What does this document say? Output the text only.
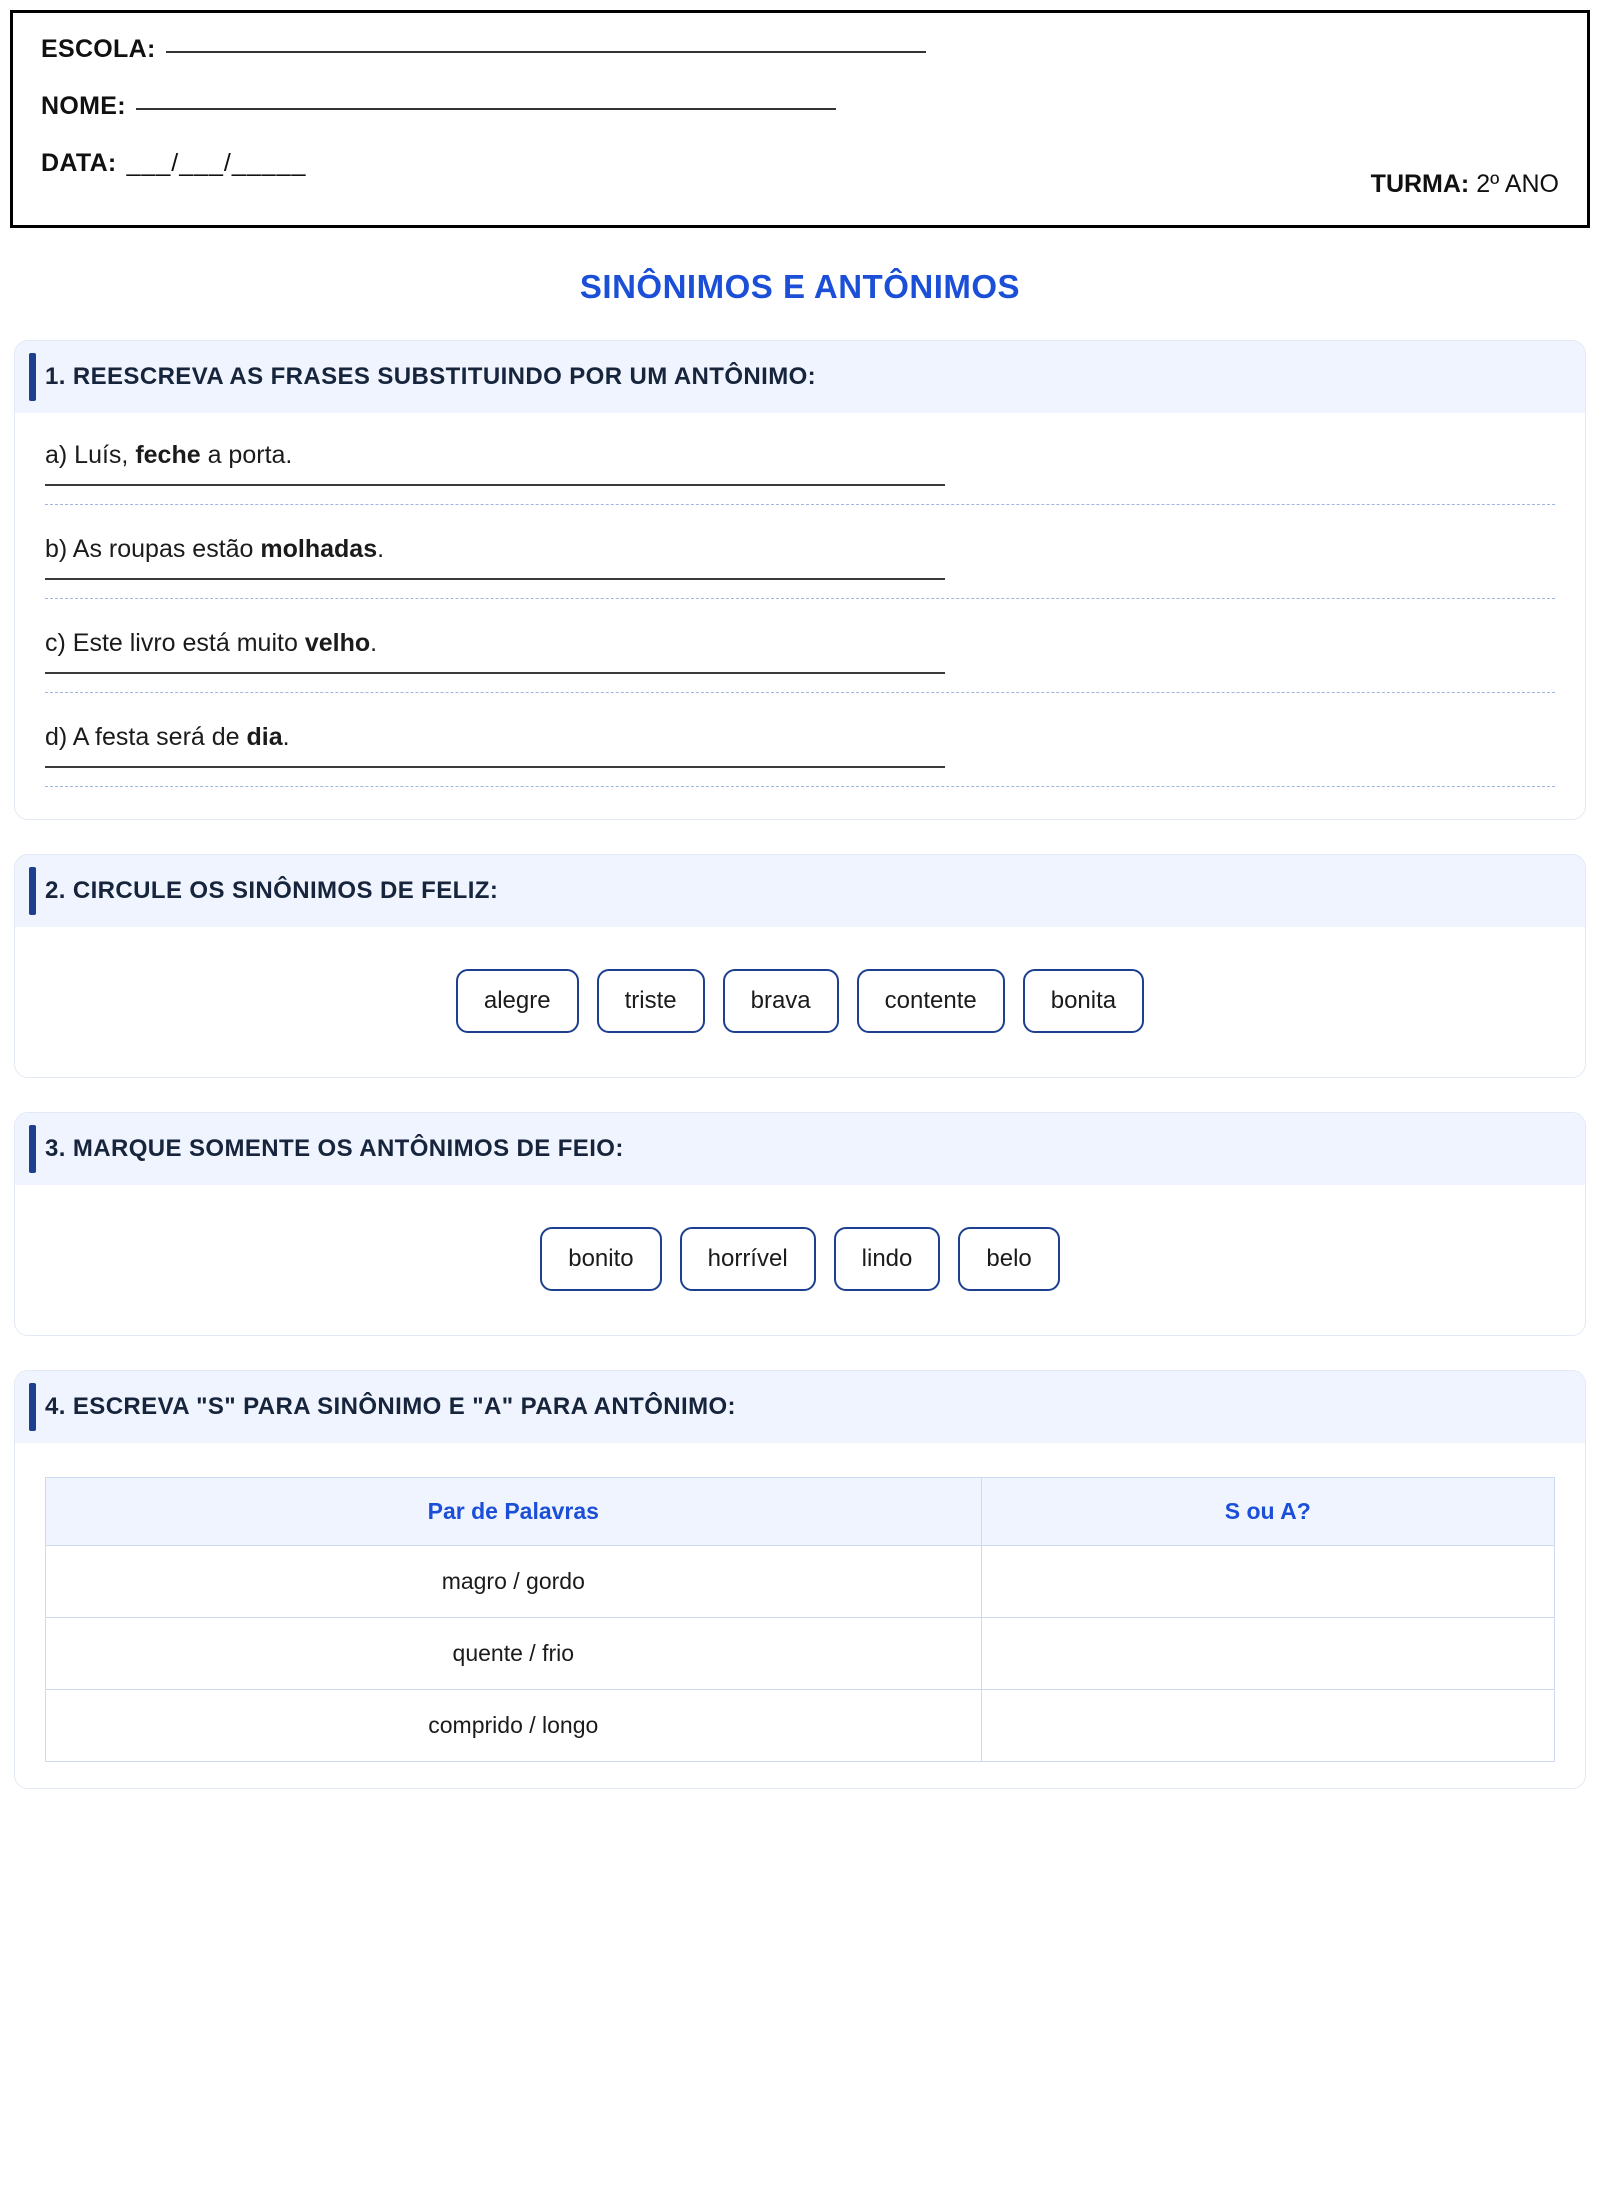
ESCOLA:
NOME:
DATA: ___/___/_____
TURMA: 2º ANO
SINÔNIMOS E ANTÔNIMOS
1. REESCREVA AS FRASES SUBSTITUINDO POR UM ANTÔNIMO:

a) Luís, feche a porta.

b) As roupas estão molhadas.

c) Este livro está muito velho.

d) A festa será de dia.

2. CIRCULE OS SINÔNIMOS DE FELIZ:
alegre	triste	brava	contente	bonita
3. MARQUE SOMENTE OS ANTÔNIMOS DE FEIO:
bonito	horrível	lindo	belo
4. ESCREVA "S" PARA SINÔNIMO E "A" PARA ANTÔNIMO:
Par de Palavras	S ou A?
magro / gordo	
quente / frio	
comprido / longo	
